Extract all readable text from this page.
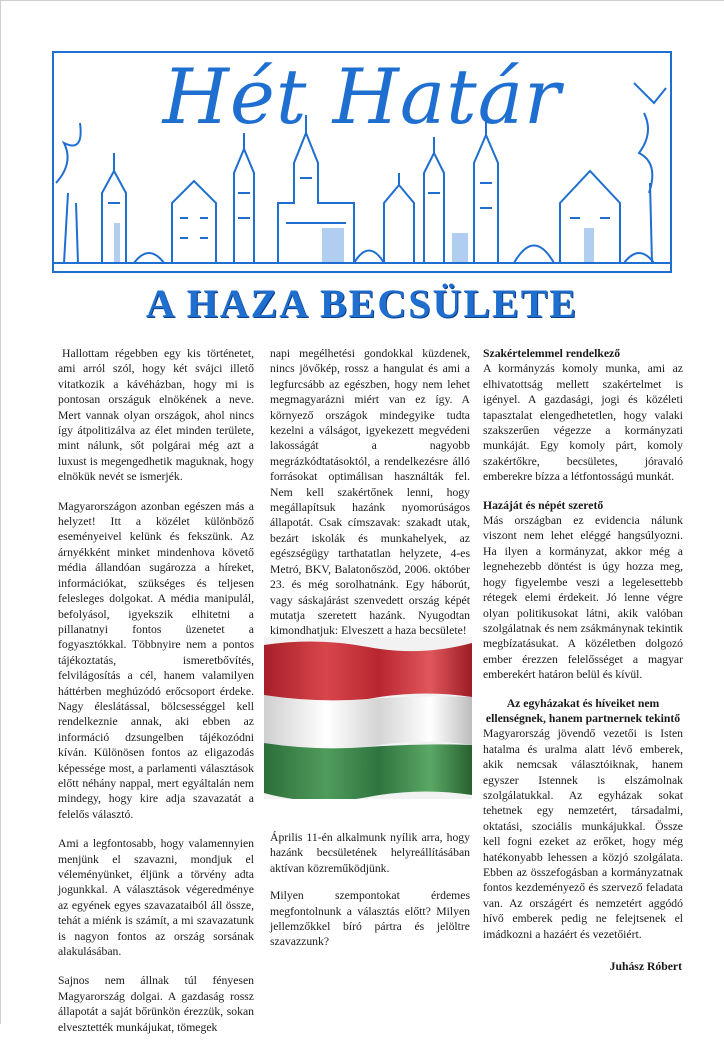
Hét Határ
A HAZA BECSÜLETE

Hallottam régebben egy kis történetet, ami arról szól, hogy két svájci illető vitatkozik a kávéházban, hogy mi is pontosan országuk elnökének a neve. Mert vannak olyan országok, ahol nincs így átpolitizálva az élet minden területe, mint nálunk, sőt polgárai még azt a luxust is megengedhetik maguknak, hogy elnökük nevét se ismerjék.

Magyarországon azonban egészen más a helyzet! Itt a közélet különböző eseményeivel kelünk és fekszünk. Az árnyékként minket mindenhova követő média állandóan sugározza a híreket, információkat, szükséges és teljesen felesleges dolgokat. A média manipulál, befolyásol, igyekszik elhitetni a pillanatnyi fontos üzenetet a fogyasztókkal. Többnyire nem a pontos tájékoztatás, ismeretbővítés, felvilágosítás a cél, hanem valamilyen háttérben meghúzódó erőcsoport érdeke. Nagy éleslátással, bölcsességgel kell rendelkeznie annak, aki ebben az információ dzsungelben tájékozódni kíván. Különösen fontos az eligazodás képessége most, a parlamenti választások előtt néhány nappal, mert egyáltalán nem mindegy, hogy kire adja szavazatát a felelős választó.

Ami a legfontosabb, hogy valamennyien menjünk el szavazni, mondjuk el véleményünket, éljünk a törvény adta jogunkkal. A választások végeredménye az egyének egyes szavazataiból áll össze, tehát a miénk is számít, a mi szavazatunk is nagyon fontos az ország sorsának alakulásában.

Sajnos nem állnak túl fényesen Magyarország dolgai. A gazdaság rossz állapotát a saját bőrünkön érezzük, sokan elvesztették munkájukat, tömegek

napi megélhetési gondokkal küzdenek, nincs jövőkép, rossz a hangulat és ami a legfurcsább az egészben, hogy nem lehet megmagyarázni miért van ez így. A környező országok mindegyike tudta kezelni a válságot, igyekezett megvédeni lakosságát a nagyobb megrázkódtatásoktól, a rendelkezésre álló forrásokat optimálisan használták fel. Nem kell szakértőnek lenni, hogy megállapítsuk hazánk nyomorúságos állapotát. Csak címszavak: szakadt utak, bezárt iskolák és munkahelyek, az egészségügy tarthatatlan helyzete, 4-es Metró, BKV, Balatonőszöd, 2006. október 23. és még sorolhatnánk. Egy háborút, vagy sáskajárást szenvedett ország képét mutatja szeretett hazánk. Nyugodtan kimondhatjuk: Elveszett a haza becsülete!

Április 11-én alkalmunk nyílik arra, hogy hazánk becsületének helyreállításában aktívan közreműködjünk.

Milyen szempontokat érdemes megfontolnunk a választás előtt? Milyen jellemzőkkel bíró pártra és jelöltre szavazzunk?

Szakértelemmel rendelkező
A kormányzás komoly munka, ami az elhivatottság mellett szakértelmet is igényel. A gazdasági, jogi és közéleti tapasztalat elengedhetetlen, hogy valaki szakszerűen végezze a kormányzati munkáját. Egy komoly párt, komoly szakértőkre, becsületes, jóravaló emberekre bízza a létfontosságú munkát.

Hazáját és népét szerető
Más országban ez evidencia nálunk viszont nem lehet eléggé hangsúlyozni. Ha ilyen a kormányzat, akkor még a legnehezebb döntést is úgy hozza meg, hogy figyelembe veszi a legelesettebb rétegek elemi érdekeit. Jó lenne végre olyan politikusokat látni, akik valóban szolgálatnak és nem zsákmánynak tekintik megbízatásukat. A közéletben dolgozó ember érezzen felelősséget a magyar emberekért határon belül és kívül.

Az egyházakat és híveiket nem ellenségnek, hanem partnernek tekintő
Magyarország jövendő vezetői is Isten hatalma és uralma alatt lévő emberek, akik nemcsak választóiknak, hanem egyszer Istennek is elszámolnak szolgálatukkal. Az egyházak sokat tehetnek egy nemzetért, társadalmi, oktatási, szociális munkájukkal. Össze kell fogni ezeket az erőket, hogy még hatékonyabb lehessen a közjó szolgálata. Ebben az összefogásban a kormányzatnak fontos kezdeményező és szervező feladata van. Az országért és nemzetért aggódó hívő emberek pedig ne felejtsenek el imádkozni a hazáért és vezetőiért.

Juhász Róbert
